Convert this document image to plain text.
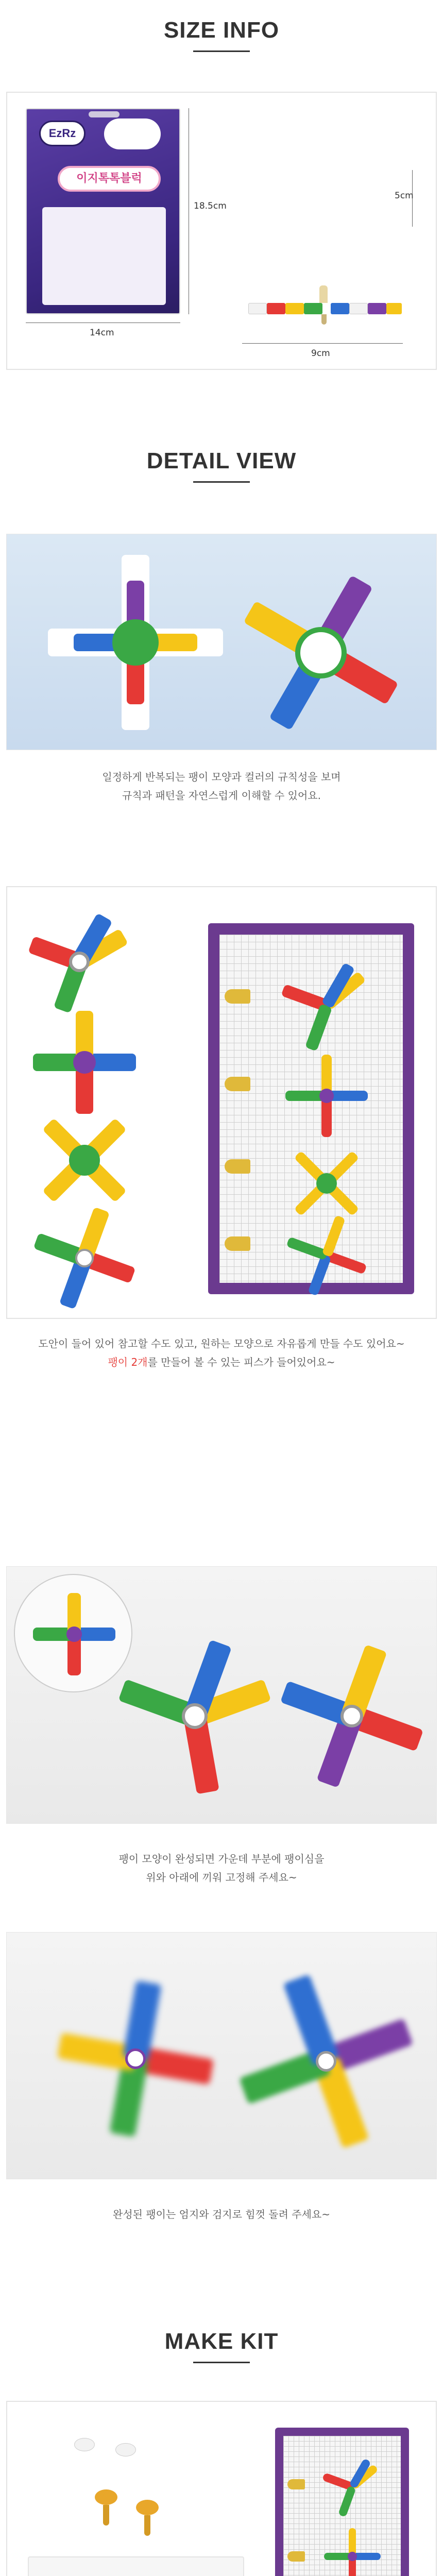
SIZE INFO
EzRz
이지톡톡블럭
18.5cm
14cm
5cm
9cm
DETAIL VIEW
일정하게 반복되는 팽이 모양과 컬러의 규칙성을 보며
규칙과 패턴을 자연스럽게 이해할 수 있어요.
도안이 들어 있어 참고할 수도 있고, 원하는 모양으로 자유롭게 만들 수도 있어요~
팽이 2개를 만들어 볼 수 있는 피스가 들어있어요~
팽이 모양이 완성되면 가운데 부분에 팽이심을
위와 아래에 끼워 고정해 주세요~
완성된 팽이는 엄지와 검지로 힘껏 돌려 주세요~
MAKE KIT
